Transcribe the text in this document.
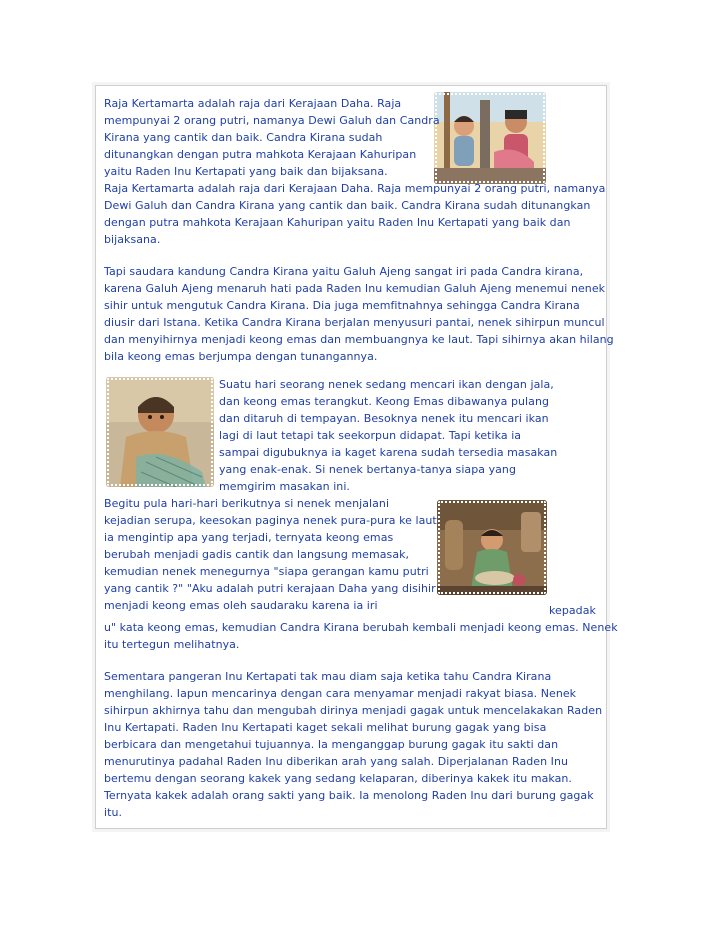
Raja Kertamarta adalah raja dari Kerajaan Daha. Raja
mempunyai 2 orang putri, namanya Dewi Galuh dan Candra
Kirana yang cantik dan baik. Candra Kirana sudah
ditunangkan dengan putra mahkota Kerajaan Kahuripan
yaitu Raden Inu Kertapati yang baik dan bijaksana.
Raja Kertamarta adalah raja dari Kerajaan Daha. Raja mempunyai 2 orang putri, namanya
Dewi Galuh dan Candra Kirana yang cantik dan baik. Candra Kirana sudah ditunangkan
dengan putra mahkota Kerajaan Kahuripan yaitu Raden Inu Kertapati yang baik dan
bijaksana.
Tapi saudara kandung Candra Kirana yaitu Galuh Ajeng sangat iri pada Candra kirana,
karena Galuh Ajeng menaruh hati pada Raden Inu kemudian Galuh Ajeng menemui nenek
sihir untuk mengutuk Candra Kirana. Dia juga memfitnahnya sehingga Candra Kirana
diusir dari Istana. Ketika Candra Kirana berjalan menyusuri pantai, nenek sihirpun muncul
dan menyihirnya menjadi keong emas dan membuangnya ke laut. Tapi sihirnya akan hilang
bila keong emas berjumpa dengan tunangannya.
Suatu hari seorang nenek sedang mencari ikan dengan jala,
dan keong emas terangkut. Keong Emas dibawanya pulang
dan ditaruh di tempayan. Besoknya nenek itu mencari ikan
lagi di laut tetapi tak seekorpun didapat. Tapi ketika ia
sampai digubuknya ia kaget karena sudah tersedia masakan
yang enak-enak. Si nenek bertanya-tanya siapa yang
memgirim masakan ini.
Begitu pula hari-hari berikutnya si nenek menjalani
kejadian serupa, keesokan paginya nenek pura-pura ke laut
ia mengintip apa yang terjadi, ternyata keong emas
berubah menjadi gadis cantik dan langsung memasak,
kemudian nenek menegurnya "siapa gerangan kamu putri
yang cantik ?" "Aku adalah putri kerajaan Daha yang disihir
menjadi keong emas oleh saudaraku karena ia iri	kepadak
u" kata keong emas, kemudian Candra Kirana berubah kembali menjadi keong emas. Nenek
itu tertegun melihatnya.
Sementara pangeran Inu Kertapati tak mau diam saja ketika tahu Candra Kirana
menghilang. Iapun mencarinya dengan cara menyamar menjadi rakyat biasa. Nenek
sihirpun akhirnya tahu dan mengubah dirinya menjadi gagak untuk mencelakakan Raden
Inu Kertapati. Raden Inu Kertapati kaget sekali melihat burung gagak yang bisa
berbicara dan mengetahui tujuannya. Ia menganggap burung gagak itu sakti dan
menurutinya padahal Raden Inu diberikan arah yang salah. Diperjalanan Raden Inu
bertemu dengan seorang kakek yang sedang kelaparan, diberinya kakek itu makan.
Ternyata kakek adalah orang sakti yang baik. Ia menolong Raden Inu dari burung gagak
itu.
